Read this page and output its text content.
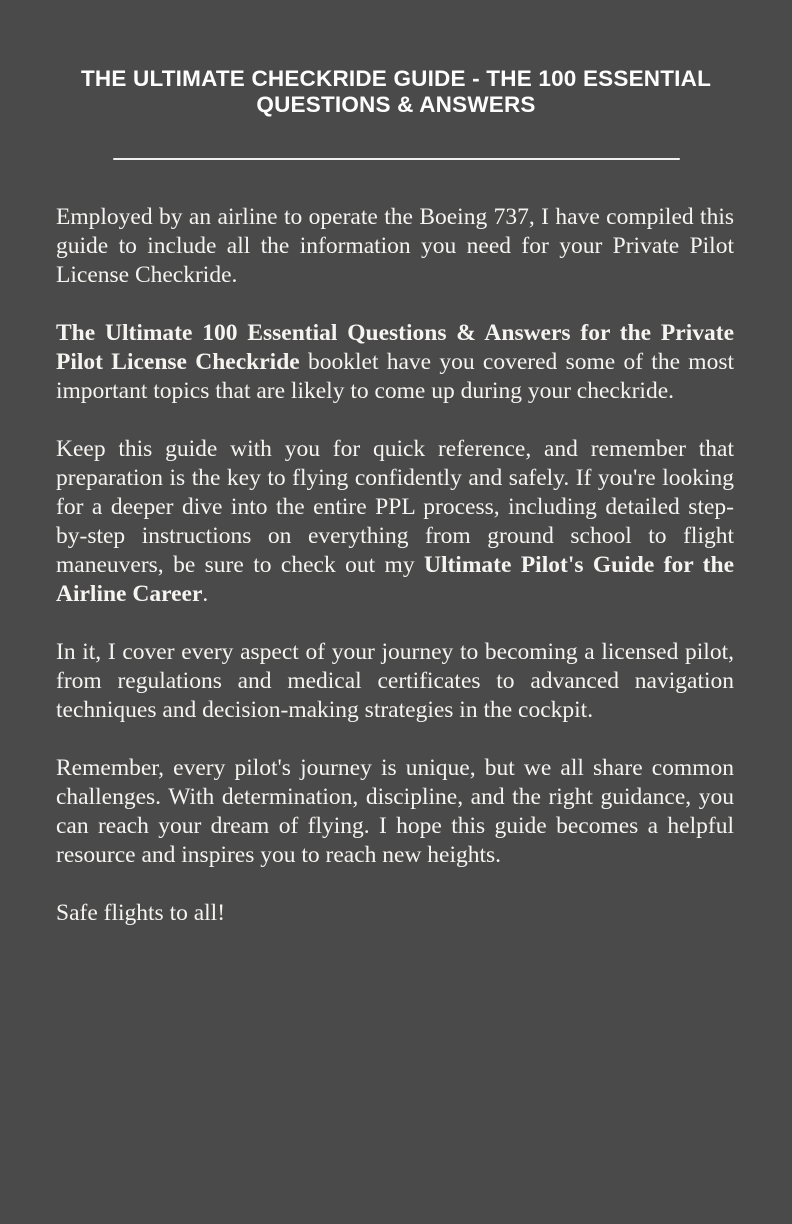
THE ULTIMATE CHECKRIDE GUIDE - THE 100 ESSENTIAL QUESTIONS & ANSWERS

Employed by an airline to operate the Boeing 737, I have compiled this guide to include all the information you need for your Private Pilot License Checkride.

The Ultimate 100 Essential Questions & Answers for the Private Pilot License Checkride booklet have you covered some of the most important topics that are likely to come up during your checkride.

Keep this guide with you for quick reference, and remember that preparation is the key to flying confidently and safely. If you're looking for a deeper dive into the entire PPL process, including detailed step-by-step instructions on everything from ground school to flight maneuvers, be sure to check out my Ultimate Pilot's Guide for the Airline Career.

In it, I cover every aspect of your journey to becoming a licensed pilot, from regulations and medical certificates to advanced navigation techniques and decision-making strategies in the cockpit.

Remember, every pilot's journey is unique, but we all share common challenges. With determination, discipline, and the right guidance, you can reach your dream of flying. I hope this guide becomes a helpful resource and inspires you to reach new heights.

Safe flights to all!
